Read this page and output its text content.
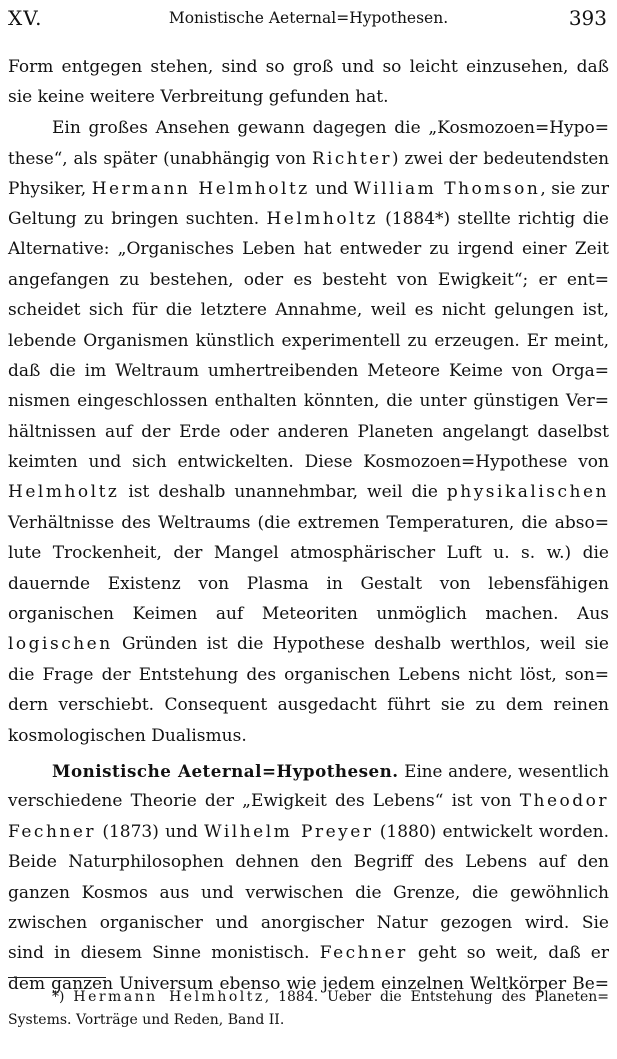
XV.	Monistische Aeternal=Hypothesen.	393
Form entgegen stehen, sind so groß und so leicht einzusehen, daß
sie keine weitere Verbreitung gefunden hat.
Ein großes Ansehen gewann dagegen die „Kosmozoen=Hypo=
these“, als später (unabhängig von Richter) zwei der bedeutendsten
Physiker, Hermann Helmholtz und William Thomson, sie zur
Geltung zu bringen suchten. Helmholtz (1884*) stellte richtig die
Alternative: „Organisches Leben hat entweder zu irgend einer Zeit
angefangen zu bestehen, oder es besteht von Ewigkeit“; er ent=
scheidet sich für die letztere Annahme, weil es nicht gelungen ist,
lebende Organismen künstlich experimentell zu erzeugen. Er meint,
daß die im Weltraum umhertreibenden Meteore Keime von Orga=
nismen eingeschlossen enthalten könnten, die unter günstigen Ver=
hältnissen auf der Erde oder anderen Planeten angelangt daselbst
keimten und sich entwickelten. Diese Kosmozoen=Hypothese von
Helmholtz ist deshalb unannehmbar, weil die physikalischen
Verhältnisse des Weltraums (die extremen Temperaturen, die abso=
lute Trockenheit, der Mangel atmosphärischer Luft u. s. w.) die
dauernde Existenz von Plasma in Gestalt von lebensfähigen
organischen Keimen auf Meteoriten unmöglich machen. Aus
logischen Gründen ist die Hypothese deshalb werthlos, weil sie
die Frage der Entstehung des organischen Lebens nicht löst, son=
dern verschiebt. Consequent ausgedacht führt sie zu dem reinen
kosmologischen Dualismus.
Monistische Aeternal=Hypothesen. Eine andere, wesentlich
verschiedene Theorie der „Ewigkeit des Lebens“ ist von Theodor
Fechner (1873) und Wilhelm Preyer (1880) entwickelt worden.
Beide Naturphilosophen dehnen den Begriff des Lebens auf den
ganzen Kosmos aus und verwischen die Grenze, die gewöhnlich
zwischen organischer und anorgischer Natur gezogen wird. Sie
sind in diesem Sinne monistisch. Fechner geht so weit, daß er
dem ganzen Universum ebenso wie jedem einzelnen Weltkörper Be=
*) Hermann Helmholtz, 1884. Ueber die Entstehung des Planeten=
Systems. Vorträge und Reden, Band II.
